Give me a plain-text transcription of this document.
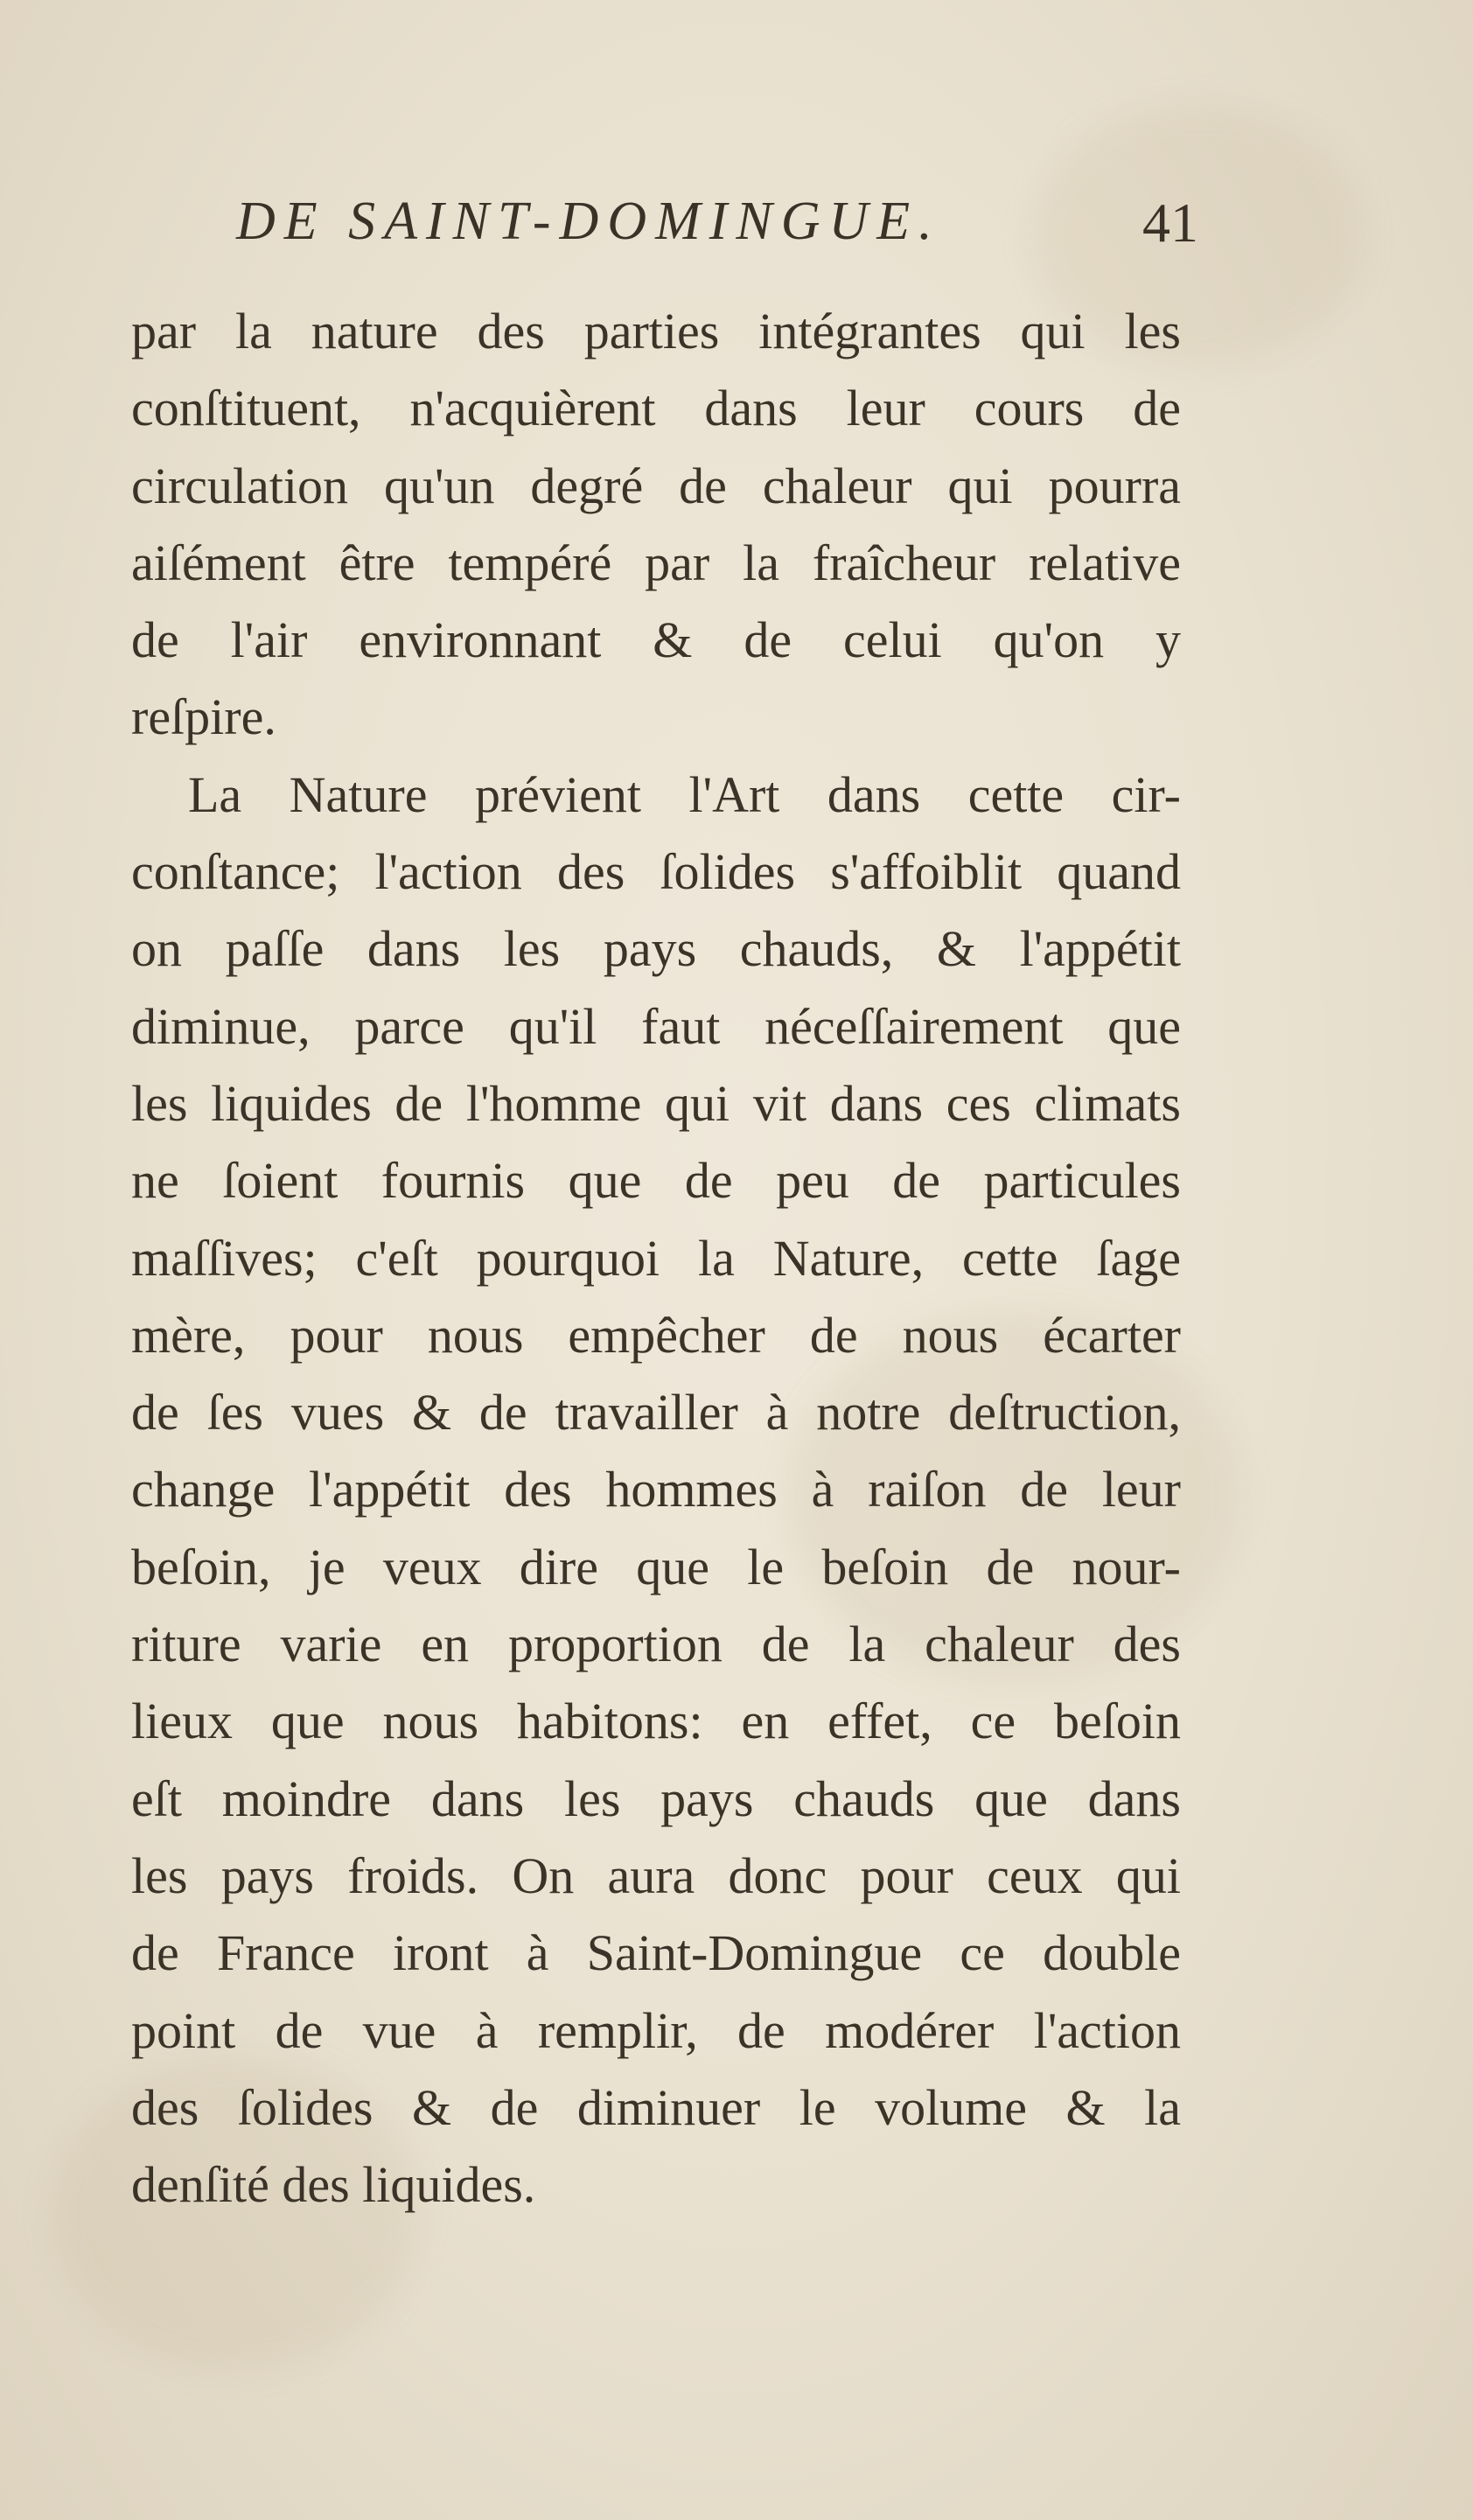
DE SAINT-DOMINGUE.	41
par la nature des parties intégrantes qui les
conſtituent, n'acquièrent dans leur cours de
circulation qu'un degré de chaleur qui pourra
aiſément être tempéré par la fraîcheur relative
de l'air environnant & de celui qu'on y
reſpire.
La Nature prévient l'Art dans cette cir-
conſtance; l'action des ſolides s'affoiblit quand
on paſſe dans les pays chauds, & l'appétit
diminue, parce qu'il faut néceſſairement que
les liquides de l'homme qui vit dans ces climats
ne ſoient fournis que de peu de particules
maſſives; c'eſt pourquoi la Nature, cette ſage
mère, pour nous empêcher de nous écarter
de ſes vues & de travailler à notre deſtruction,
change l'appétit des hommes à raiſon de leur
beſoin, je veux dire que le beſoin de nour-
riture varie en proportion de la chaleur des
lieux que nous habitons: en effet, ce beſoin
eſt moindre dans les pays chauds que dans
les pays froids. On aura donc pour ceux qui
de France iront à Saint-Domingue ce double
point de vue à remplir, de modérer l'action
des ſolides & de diminuer le volume & la
denſité des liquides.
